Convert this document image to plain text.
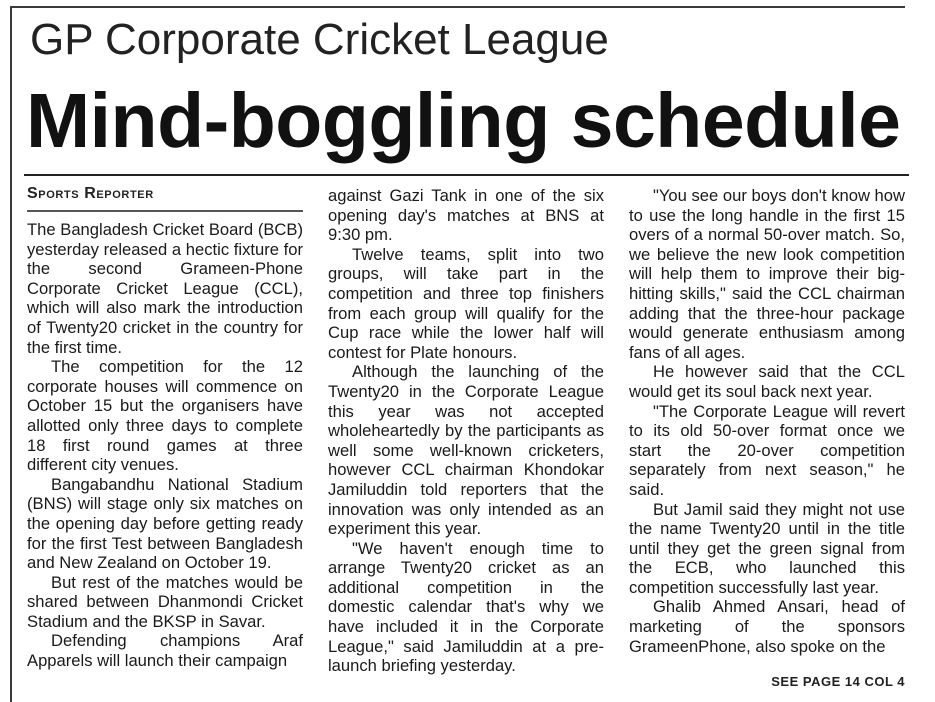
GP Corporate Cricket League
Mind-boggling schedule
Sports Reporter

The Bangladesh Cricket Board (BCB) yesterday released a hectic fixture for the second Grameen-Phone Corporate Cricket League (CCL), which will also mark the introduction of Twenty20 cricket in the country for the first time.

The competition for the 12 corporate houses will commence on October 15 but the organisers have allotted only three days to complete 18 first round games at three different city venues.

Bangabandhu National Stadium (BNS) will stage only six matches on the opening day before getting ready for the first Test between Bangladesh and New Zealand on October 19.

But rest of the matches would be shared between Dhanmondi Cricket Stadium and the BKSP in Savar.

Defending champions Araf Apparels will launch their campaign

against Gazi Tank in one of the six opening day's matches at BNS at 9:30 pm.

Twelve teams, split into two groups, will take part in the competition and three top finishers from each group will qualify for the Cup race while the lower half will contest for Plate honours.

Although the launching of the Twenty20 in the Corporate League this year was not accepted wholeheartedly by the participants as well some well-known cricketers, however CCL chairman Khondokar Jamiluddin told reporters that the innovation was only intended as an experiment this year.

"We haven't enough time to arrange Twenty20 cricket as an additional competition in the domestic calendar that's why we have included it in the Corporate League," said Jamiluddin at a pre-launch briefing yesterday.

"You see our boys don't know how to use the long handle in the first 15 overs of a normal 50-over match. So, we believe the new look competition will help them to improve their big-hitting skills," said the CCL chairman adding that the three-hour package would generate enthusiasm among fans of all ages.

He however said that the CCL would get its soul back next year.

"The Corporate League will revert to its old 50-over format once we start the 20-over competition separately from next season," he said.

But Jamil said they might not use the name Twenty20 until in the title until they get the green signal from the ECB, who launched this competition successfully last year.

Ghalib Ahmed Ansari, head of marketing of the sponsors GrameenPhone, also spoke on the

SEE PAGE 14 COL 4
